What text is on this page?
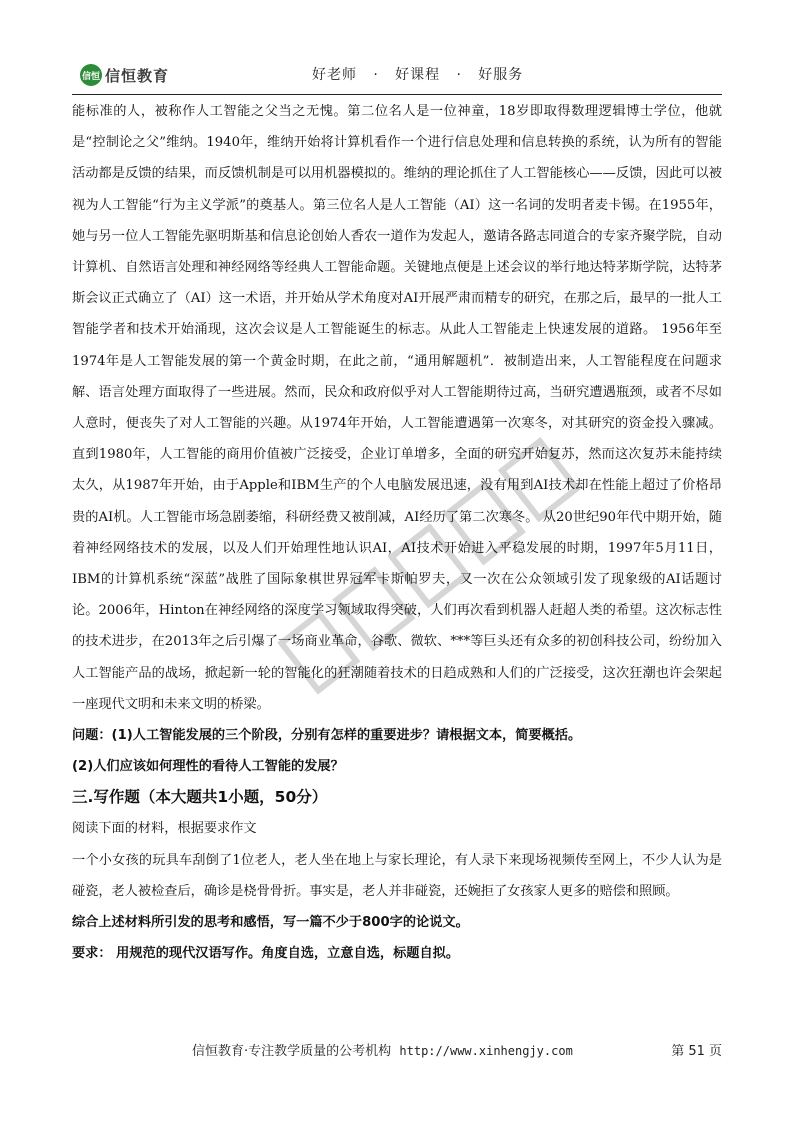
信恒 信恒教育	好老师   ·   好课程   ·   好服务

能标准的人，被称作人工智能之父当之无愧。第二位名人是一位神童，18岁即取得数理逻辑博士学位，他就是“控制论之父”维纳。1940年，维纳开始将计算机看作一个进行信息处理和信息转换的系统，认为所有的智能活动都是反馈的结果，而反馈机制是可以用机器模拟的。维纳的理论抓住了人工智能核心——反馈，因此可以被视为人工智能“行为主义学派”的奠基人。第三位名人是人工智能（AI）这一名词的发明者麦卡锡。在1955年，她与另一位人工智能先驱明斯基和信息论创始人香农一道作为发起人，邀请各路志同道合的专家齐聚学院，自动计算机、自然语言处理和神经网络等经典人工智能命题。关键地点便是上述会议的举行地达特茅斯学院，达特茅斯会议正式确立了（AI）这一术语，并开始从学术角度对AI开展严肃而精专的研究，在那之后，最早的一批人工智能学者和技术开始涌现，这次会议是人工智能诞生的标志。从此人工智能走上快速发展的道路。 1956年至1974年是人工智能发展的第一个黄金时期，在此之前，“通用解题机”．被制造出来，人工智能程度在问题求解、语言处理方面取得了一些进展。然而，民众和政府似乎对人工智能期待过高，当研究遭遇瓶颈，或者不尽如人意时，便丧失了对人工智能的兴趣。从1974年开始，人工智能遭遇第一次寒冬，对其研究的资金投入骤减。 直到1980年，人工智能的商用价值被广泛接受，企业订单增多，全面的研究开始复苏，然而这次复苏未能持续太久，从1987年开始，由于Apple和IBM生产的个人电脑发展迅速，没有用到AI技术却在性能上超过了价格昂贵的AI机。人工智能市场急剧萎缩，科研经费又被削减，AI经历了第二次寒冬。 从20世纪90年代中期开始，随着神经网络技术的发展，以及人们开始理性地认识AI，AI技术开始进入平稳发展的时期，1997年5月11日，IBM的计算机系统“深蓝”战胜了国际象棋世界冠军卡斯帕罗夫，又一次在公众领域引发了现象级的AI话题讨论。2006年，Hinton在神经网络的深度学习领域取得突破，人们再次看到机器人赶超人类的希望。这次标志性的技术进步，在2013年之后引爆了一场商业革命，谷歌、微软、***等巨头还有众多的初创科技公司，纷纷加入人工智能产品的战场，掀起新一轮的智能化的狂潮随着技术的日趋成熟和人们的广泛接受，这次狂潮也许会架起一座现代文明和未来文明的桥梁。

问题：(1)人工智能发展的三个阶段，分别有怎样的重要进步？请根据文本，简要概括。

(2)人们应该如何理性的看待人工智能的发展？

三.写作题（本大题共1小题，50分）

阅读下面的材料，根据要求作文

一个小女孩的玩具车刮倒了1位老人，老人坐在地上与家长理论，有人录下来现场视频传至网上，不少人认为是碰瓷，老人被检查后，确诊是桡骨骨折。事实是，老人并非碰瓷，还婉拒了女孩家人更多的赔偿和照顾。

综合上述材料所引发的思考和感悟，写一篇不少于800字的论说文。

要求： 用规范的现代汉语写作。角度自选，立意自选，标题自拟。

信恒教育·专注教学质量的公考机构 http://www.xinhengjy.com	第 51 页
